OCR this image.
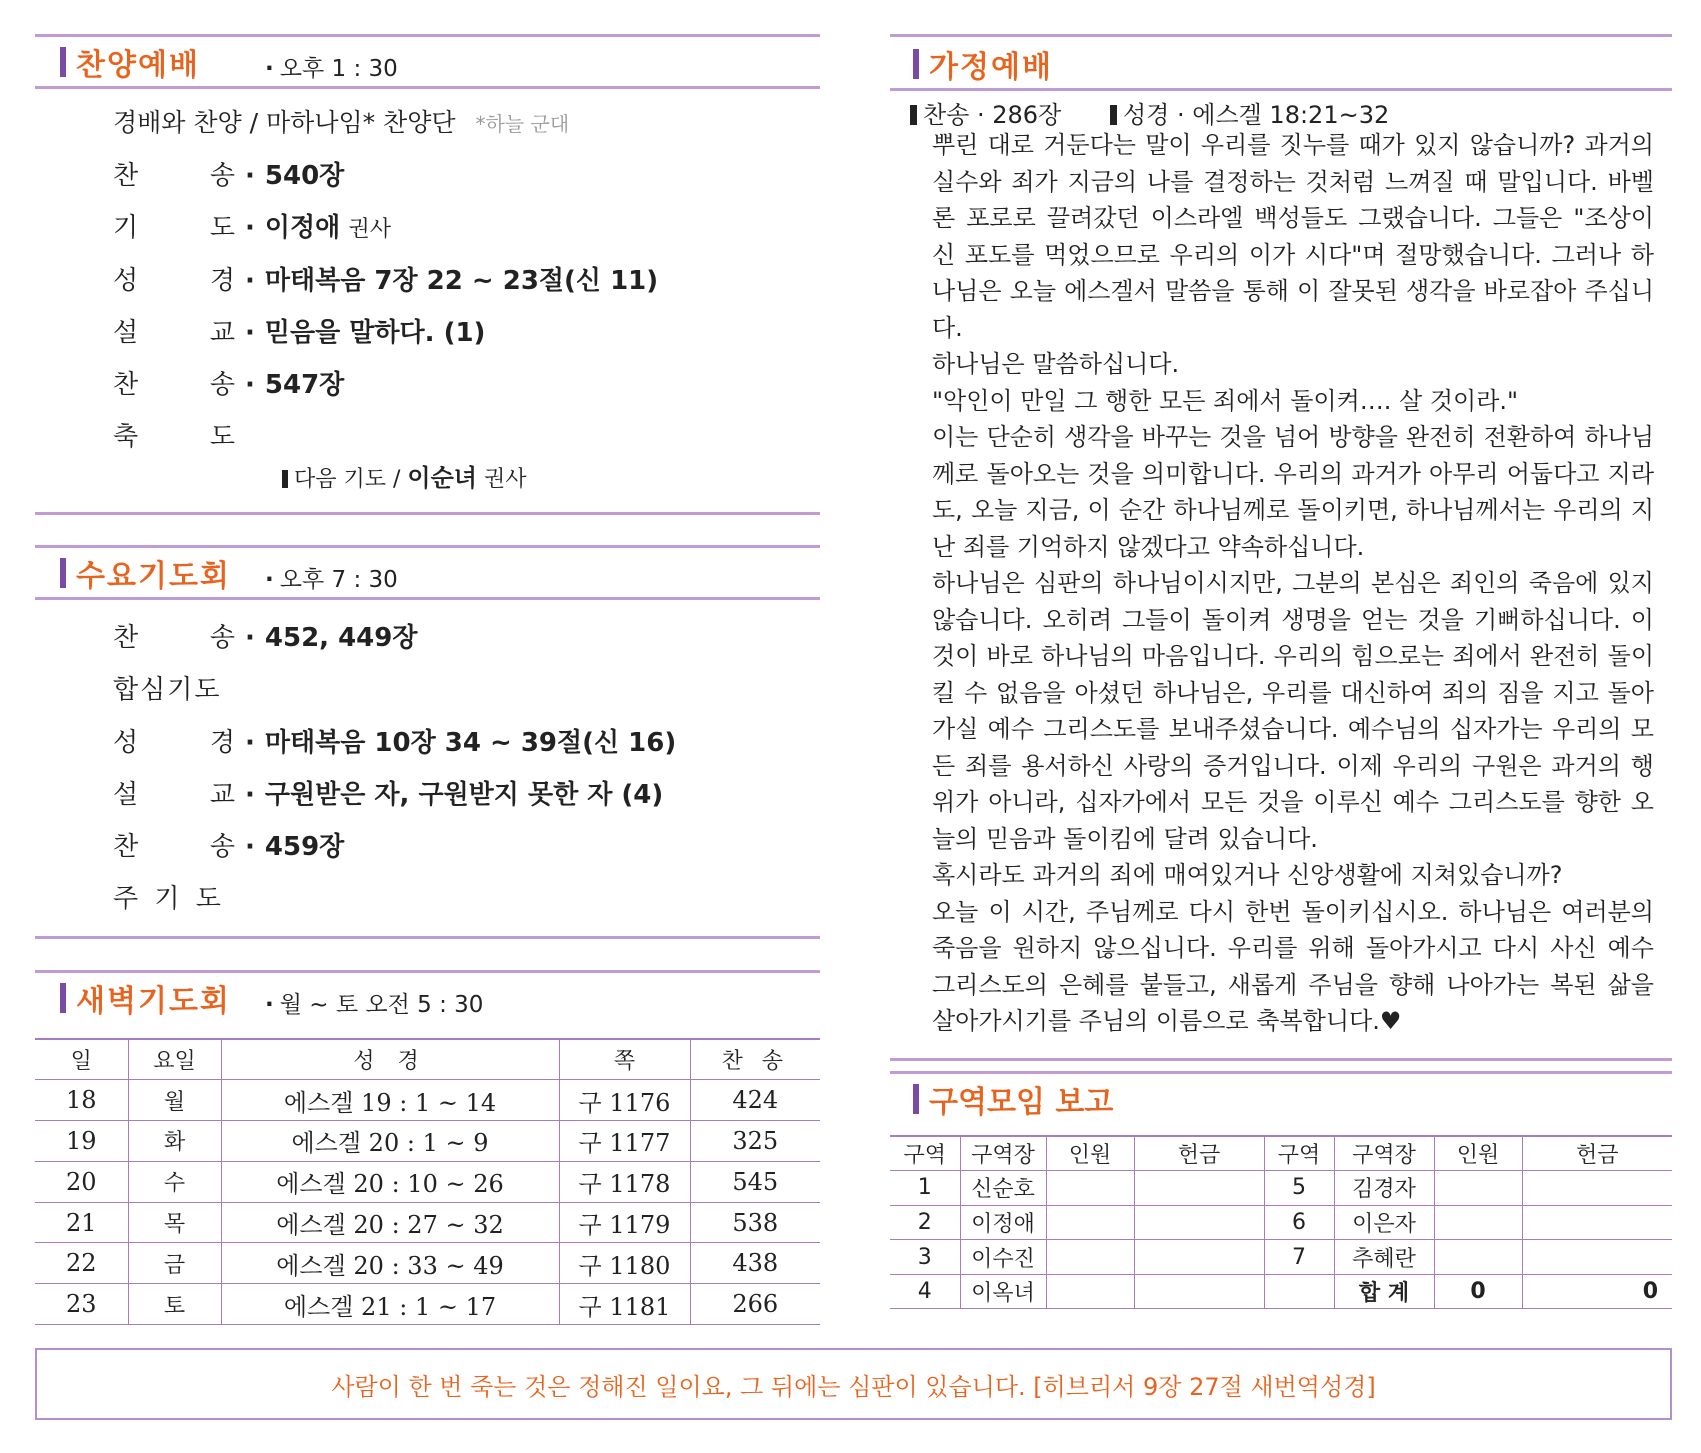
찬양예배	· 오후 1 : 30
경배와 찬양 / 마하나임* 찬양단 *하늘 군대
찬	송 · 540장
기	도 · 이정애 권사
성	경 · 마태복음 7장 22 ~ 23절(신 11)
설	교 · 믿음을 말하다. (1)
찬	송 · 547장
축	도
다음 기도 / 이순녀 권사
수요기도회 · 오후 7 : 30
찬	송 · 452, 449장
합심기도
성	경 · 마태복음 10장 34 ~ 39절(신 16)
설	교 · 구원받은 자, 구원받지 못한 자 (4)
찬	송 · 459장
주 기 도
새벽기도회 · 월 ~ 토 오전 5 : 30
일	요일	성 경	쪽	찬 송
18	월	에스겔 19 : 1 ~ 14	구 1176	424
19	화	에스겔 20 : 1 ~ 9	구 1177	325
20	수	에스겔 20 : 10 ~ 26	구 1178	545
21	목	에스겔 20 : 27 ~ 32	구 1179	538
22	금	에스겔 20 : 33 ~ 49	구 1180	438
23	토	에스겔 21 : 1 ~ 17	구 1181	266
가정예배
찬송 · 286장	성경 · 에스겔 18:21~32

뿌린 대로 거둔다는 말이 우리를 짓누를 때가 있지 않습니까? 과거의 실수와 죄가 지금의 나를 결정하는 것처럼 느껴질 때 말입니다. 바벨론 포로로 끌려갔던 이스라엘 백성들도 그랬습니다. 그들은 "조상이 신 포도를 먹었으므로 우리의 이가 시다"며 절망했습니다. 그러나 하나님은 오늘 에스겔서 말씀을 통해 이 잘못된 생각을 바로잡아 주십니다.

하나님은 말씀하십니다.

"악인이 만일 그 행한 모든 죄에서 돌이켜…. 살 것이라."

이는 단순히 생각을 바꾸는 것을 넘어 방향을 완전히 전환하여 하나님께로 돌아오는 것을 의미합니다. 우리의 과거가 아무리 어둡다고 지라도, 오늘 지금, 이 순간 하나님께로 돌이키면, 하나님께서는 우리의 지난 죄를 기억하지 않겠다고 약속하십니다.

하나님은 심판의 하나님이시지만, 그분의 본심은 죄인의 죽음에 있지 않습니다. 오히려 그들이 돌이켜 생명을 얻는 것을 기뻐하십니다. 이것이 바로 하나님의 마음입니다. 우리의 힘으로는 죄에서 완전히 돌이킬 수 없음을 아셨던 하나님은, 우리를 대신하여 죄의 짐을 지고 돌아가실 예수 그리스도를 보내주셨습니다. 예수님의 십자가는 우리의 모든 죄를 용서하신 사랑의 증거입니다. 이제 우리의 구원은 과거의 행위가 아니라, 십자가에서 모든 것을 이루신 예수 그리스도를 향한 오늘의 믿음과 돌이킴에 달려 있습니다.

혹시라도 과거의 죄에 매여있거나 신앙생활에 지쳐있습니까?

오늘 이 시간, 주님께로 다시 한번 돌이키십시오. 하나님은 여러분의 죽음을 원하지 않으십니다. 우리를 위해 돌아가시고 다시 사신 예수 그리스도의 은혜를 붙들고, 새롭게 주님을 향해 나아가는 복된 삶을 살아가시기를 주님의 이름으로 축복합니다.♥

구역모임 보고
구역	구역장	인원	헌금	구역	구역장	인원	헌금
1	신순호			5	김경자		
2	이정애			6	이은자		
3	이수진			7	추혜란		
4	이옥녀				합 계	0	0
사람이 한 번 죽는 것은 정해진 일이요, 그 뒤에는 심판이 있습니다. [히브리서 9장 27절 새번역성경]
